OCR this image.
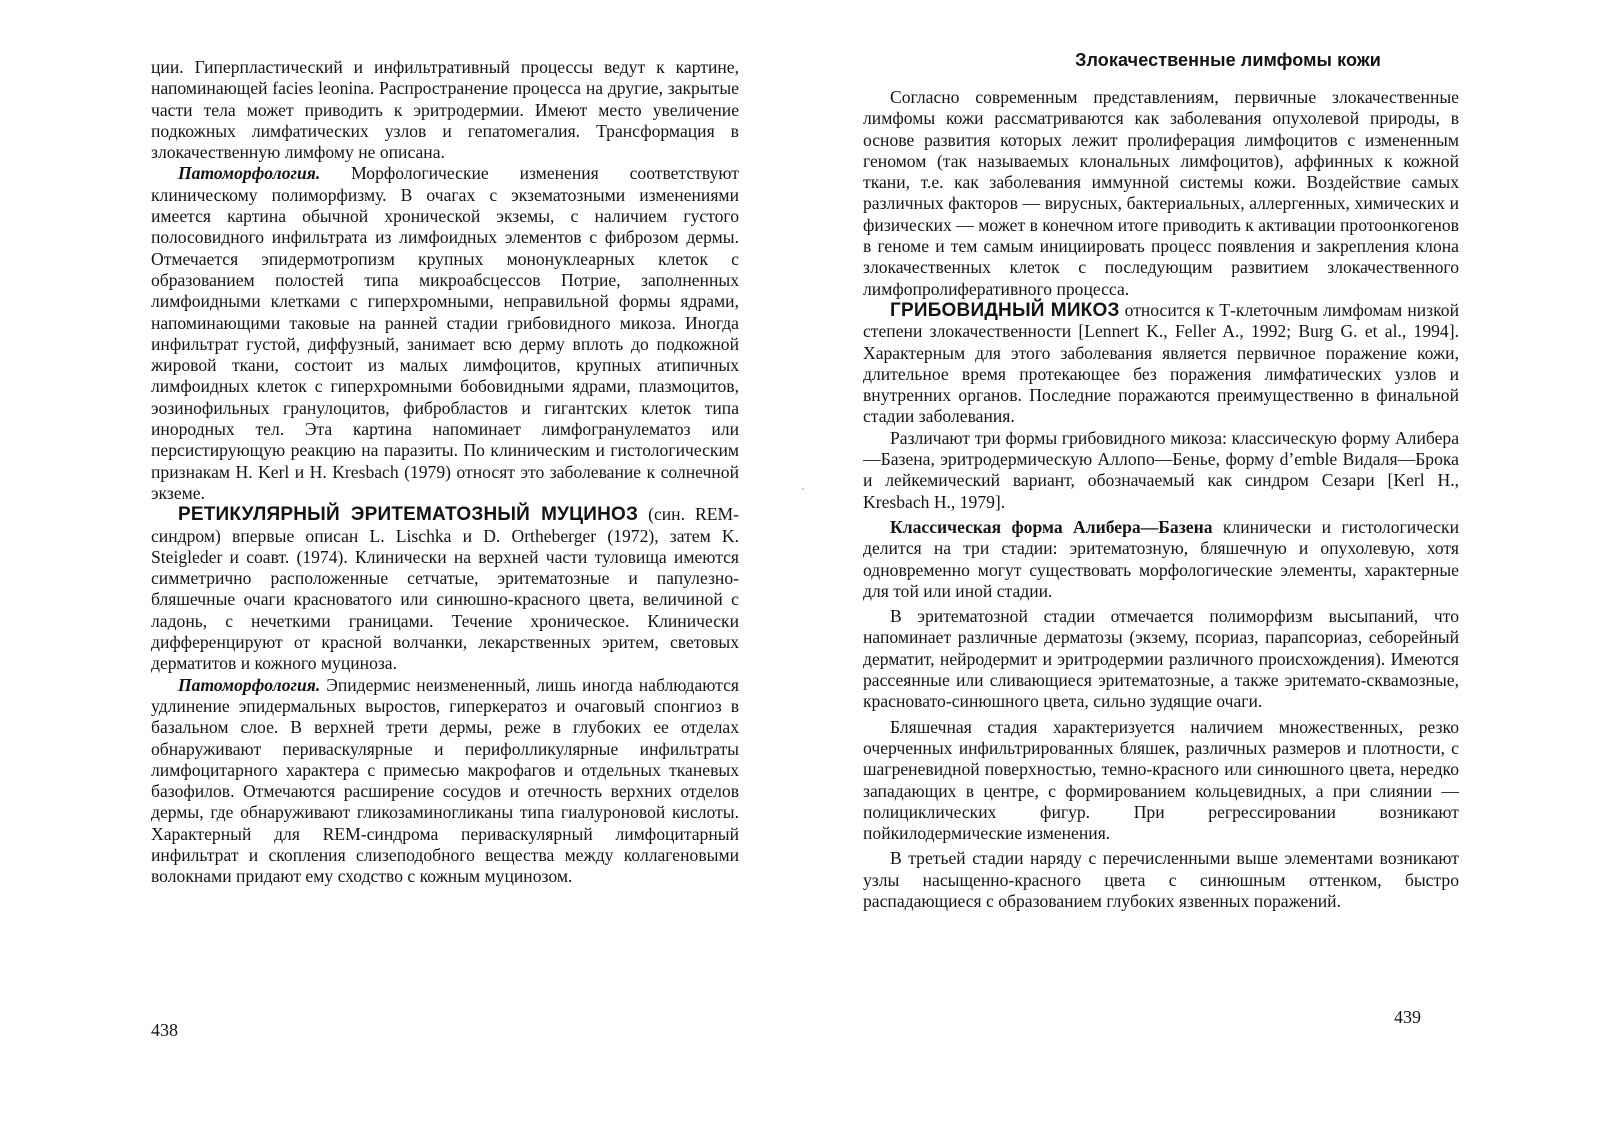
ции. Гиперпластический и инфильтративный процессы ведут к картине, напоминающей facies leonina. Распространение процесса на другие, закрытые части тела может приводить к эритродермии. Имеют место увеличение подкожных лимфатических узлов и гепатомегалия. Трансформация в злокачественную лимфому не описана.

Патоморфология. Морфологические изменения соответствуют клиническому полиморфизму. В очагах с экзематозными изменениями имеется картина обычной хронической экземы, с наличием густого полосовидного инфильтрата из лимфоидных элементов с фиброзом дермы. Отмечается эпидермотропизм крупных мононуклеарных клеток с образованием полостей типа микроабсцессов Потрие, заполненных лимфоидными клетками с гиперхромными, неправильной формы ядрами, напоминающими таковые на ранней стадии грибовидного микоза. Иногда инфильтрат густой, диффузный, занимает всю дерму вплоть до подкожной жировой ткани, состоит из малых лимфоцитов, крупных атипичных лимфоидных клеток с гиперхромными бобовидными ядрами, плазмоцитов, эозинофильных гранулоцитов, фибробластов и гигантских клеток типа инородных тел. Эта картина напоминает лимфогранулематоз или персистирующую реакцию на паразиты. По клиническим и гистологическим признакам H. Kerl и H. Kresbach (1979) относят это заболевание к солнечной экземе.

РЕТИКУЛЯРНЫЙ ЭРИТЕМАТОЗНЫЙ МУЦИНОЗ (син. REM-синдром) впервые описан L. Lischka и D. Ortheberger (1972), затем K. Steigleder и соавт. (1974). Клинически на верхней части туловища имеются симметрично расположенные сетчатые, эритематозные и папулезно-бляшечные очаги красноватого или синюшно-красного цвета, величиной с ладонь, с нечеткими границами. Течение хроническое. Клинически дифференцируют от красной волчанки, лекарственных эритем, световых дерматитов и кожного муциноза.

Патоморфология. Эпидермис неизмененный, лишь иногда наблюдаются удлинение эпидермальных выростов, гиперкератоз и очаговый спонгиоз в базальном слое. В верхней трети дермы, реже в глубоких ее отделах обнаруживают периваскулярные и перифолликулярные инфильтраты лимфоцитарного характера с примесью макрофагов и отдельных тканевых базофилов. Отмечаются расширение сосудов и отечность верхних отделов дермы, где обнаруживают гликозаминогликаны типа гиалуроновой кислоты. Характерный для REM-синдрома периваскулярный лимфоцитарный инфильтрат и скопления слизеподобного вещества между коллагеновыми волокнами придают ему сходство с кожным муцинозом.

438
Злокачественные лимфомы кожи

Согласно современным представлениям, первичные злокачественные лимфомы кожи рассматриваются как заболевания опухолевой природы, в основе развития которых лежит пролиферация лимфоцитов с измененным геномом (так называемых клональных лимфоцитов), аффинных к кожной ткани, т.е. как заболевания иммунной системы кожи. Воздействие самых различных факторов — вирусных, бактериальных, аллергенных, химических и физических — может в конечном итоге приводить к активации протоонкогенов в геноме и тем самым инициировать процесс появления и закрепления клона злокачественных клеток с последующим развитием злокачественного лимфопролиферативного процесса.

ГРИБОВИДНЫЙ МИКОЗ относится к Т-клеточным лимфомам низкой степени злокачественности [Lennert K., Feller A., 1992; Burg G. et al., 1994]. Характерным для этого заболевания является первичное поражение кожи, длительное время протекающее без поражения лимфатических узлов и внутренних органов. Последние поражаются преимущественно в финальной стадии заболевания.

Различают три формы грибовидного микоза: классическую форму Алибера—Базена, эритродермическую Аллопо—Бенье, форму d’emble Видаля—Брока и лейкемический вариант, обозначаемый как синдром Сезари [Kerl H., Kresbach H., 1979].

Классическая форма Алибера—Базена клинически и гистологически делится на три стадии: эритематозную, бляшечную и опухолевую, хотя одновременно могут существовать морфологические элементы, характерные для той или иной стадии.

В эритематозной стадии отмечается полиморфизм высыпаний, что напоминает различные дерматозы (экзему, псориаз, парапсориаз, себорейный дерматит, нейродермит и эритродермии различного происхождения). Имеются рассеянные или сливающиеся эритематозные, а также эритемато-сквамозные, красновато-синюшного цвета, сильно зудящие очаги.

Бляшечная стадия характеризуется наличием множественных, резко очерченных инфильтрированных бляшек, различных размеров и плотности, с шагреневидной поверхностью, темно-красного или синюшного цвета, нередко западающих в центре, с формированием кольцевидных, а при слиянии — полициклических фигур. При регрессировании возникают пойкилодермические изменения.

В третьей стадии наряду с перечисленными выше элементами возникают узлы насыщенно-красного цвета с синюшным оттенком, быстро распадающиеся с образованием глубоких язвенных поражений.

439
